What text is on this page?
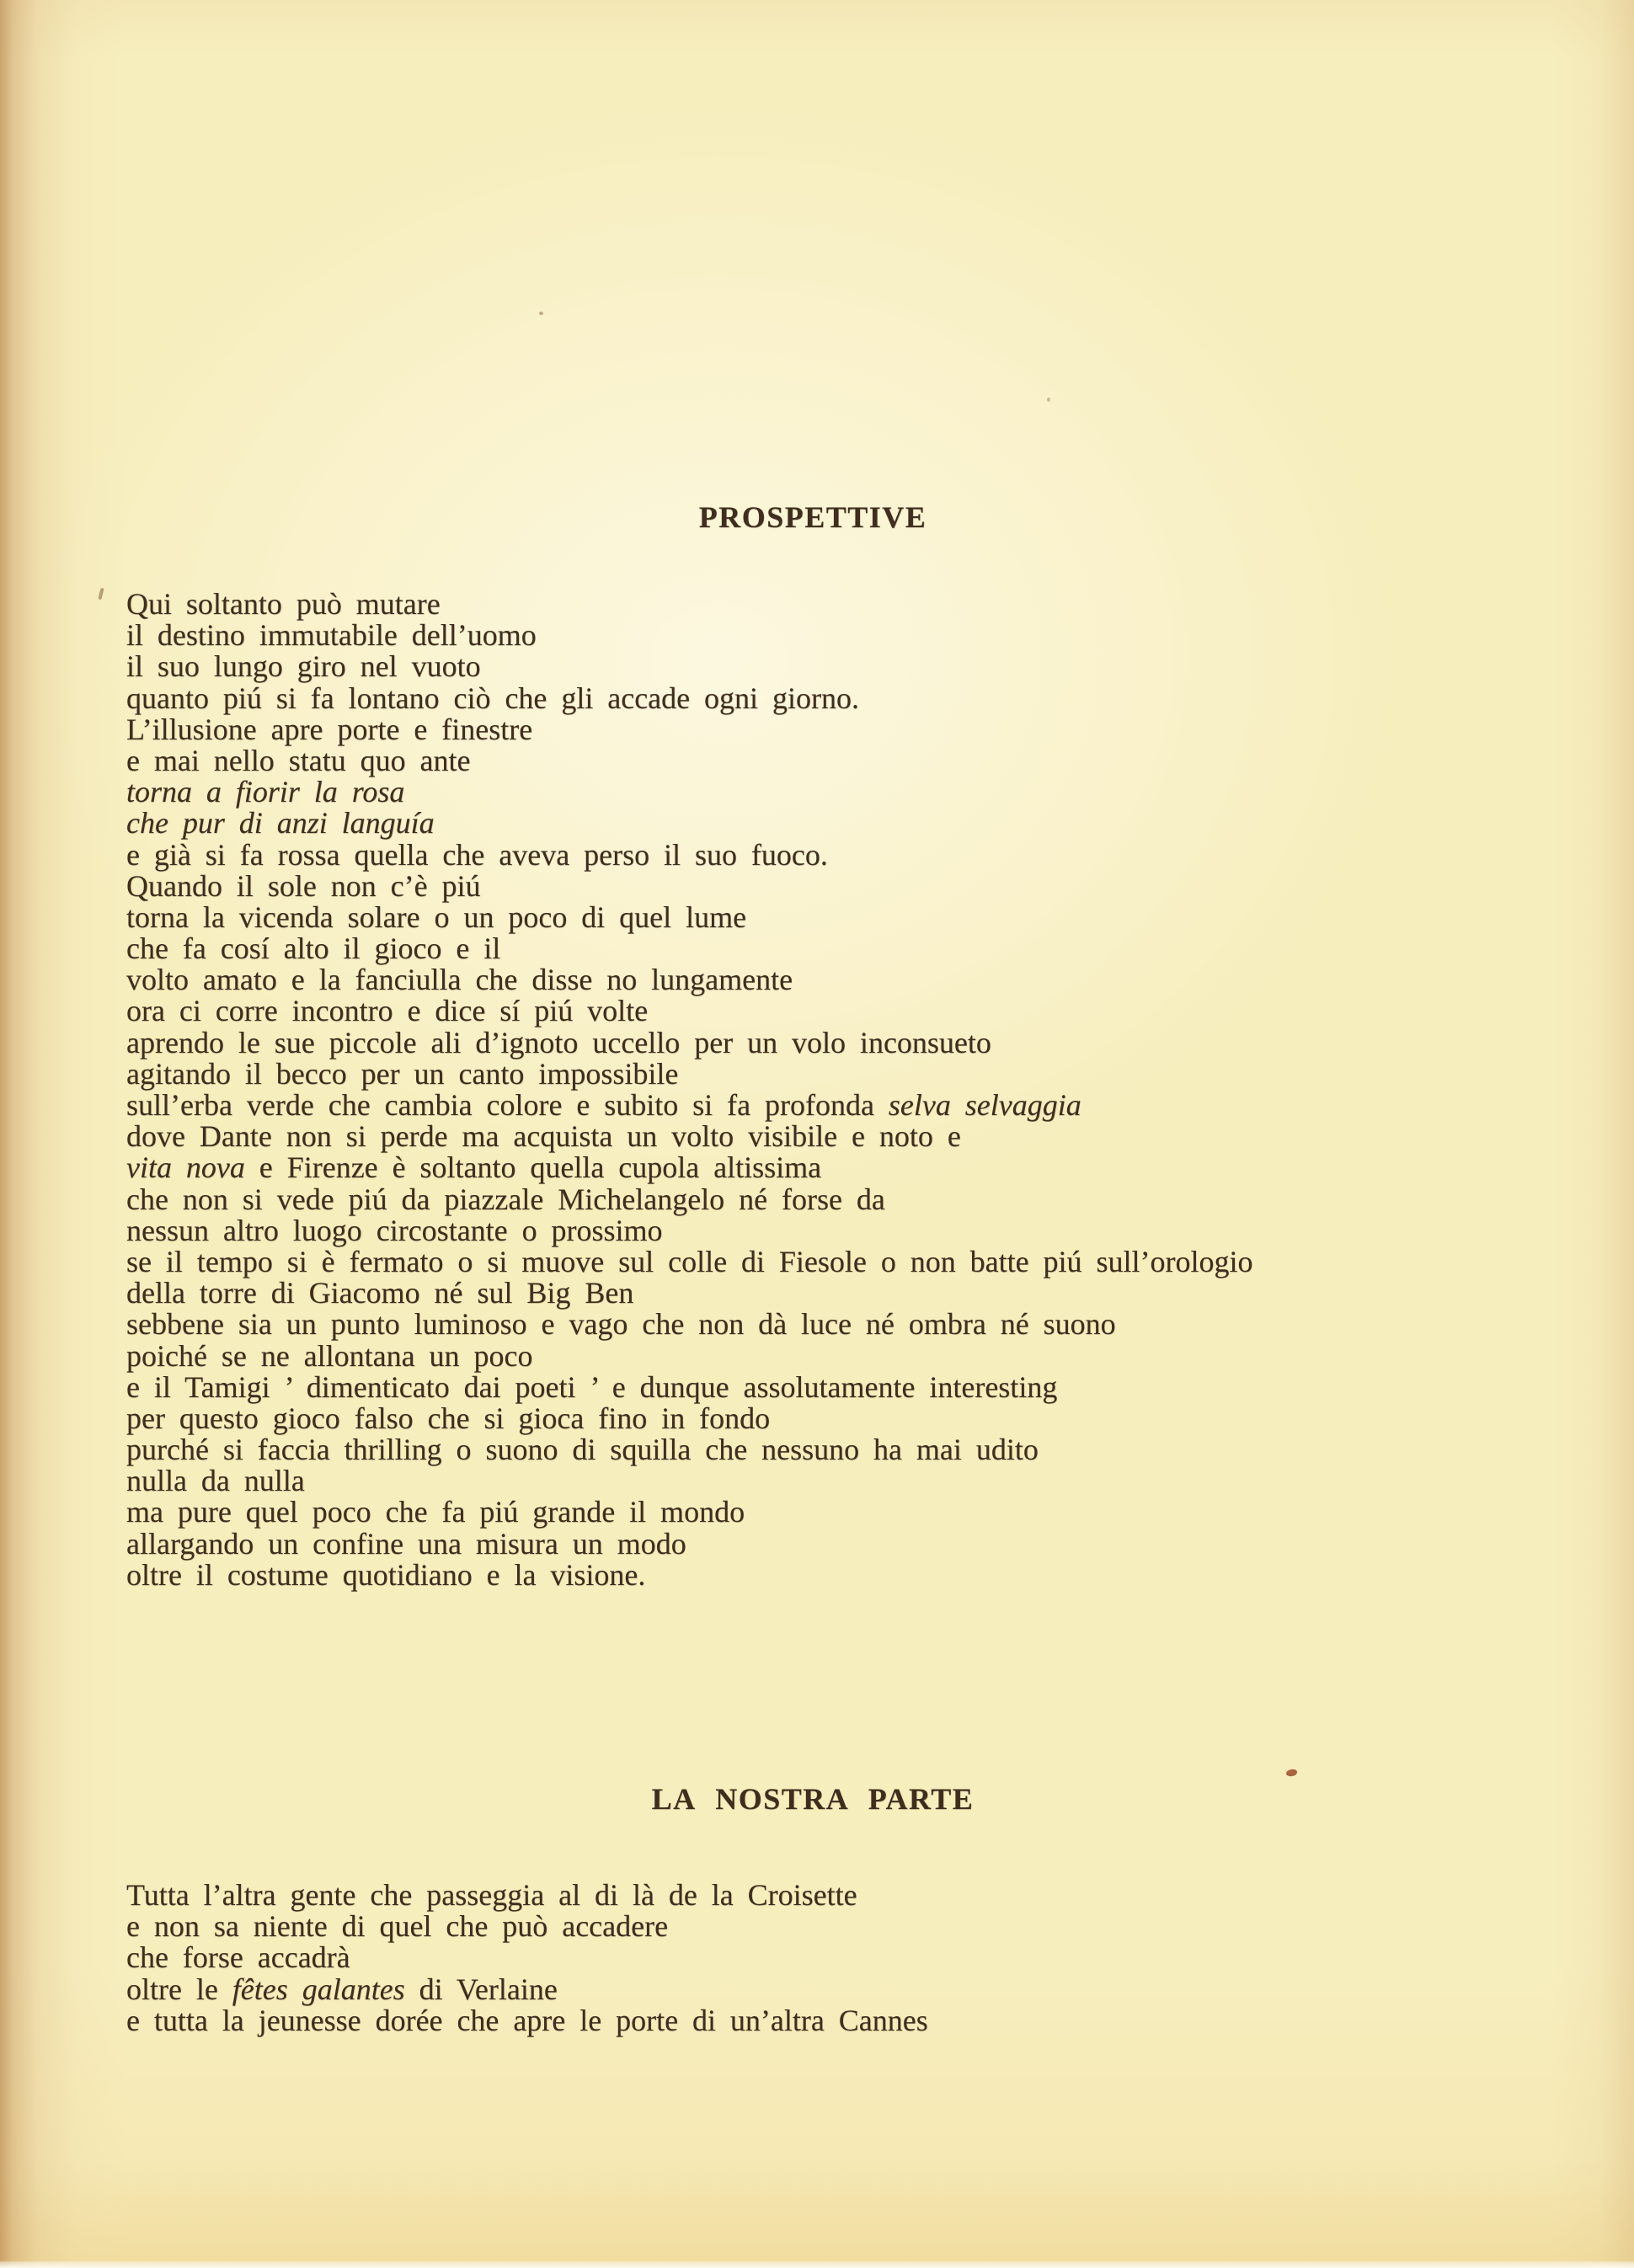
PROSPETTIVE
Qui soltanto può mutare
il destino immutabile dell’uomo
il suo lungo giro nel vuoto
quanto piú si fa lontano ciò che gli accade ogni giorno.
L’illusione apre porte e finestre
e mai nello statu quo ante
torna a fiorir la rosa
che pur di anzi languía
e già si fa rossa quella che aveva perso il suo fuoco.
Quando il sole non c’è piú
torna la vicenda solare o un poco di quel lume
che fa cosí alto il gioco e il
volto amato e la fanciulla che disse no lungamente
ora ci corre incontro e dice sí piú volte
aprendo le sue piccole ali d’ignoto uccello per un volo inconsueto
agitando il becco per un canto impossibile
sull’erba verde che cambia colore e subito si fa profonda selva selvaggia
dove Dante non si perde ma acquista un volto visibile e noto e
vita nova e Firenze è soltanto quella cupola altissima
che non si vede piú da piazzale Michelangelo né forse da
nessun altro luogo circostante o prossimo
se il tempo si è fermato o si muove sul colle di Fiesole o non batte piú sull’orologio
della torre di Giacomo né sul Big Ben
sebbene sia un punto luminoso e vago che non dà luce né ombra né suono
poiché se ne allontana un poco
e il Tamigi ’ dimenticato dai poeti ’ e dunque assolutamente interesting
per questo gioco falso che si gioca fino in fondo
purché si faccia thrilling o suono di squilla che nessuno ha mai udito
nulla da nulla
ma pure quel poco che fa piú grande il mondo
allargando un confine una misura un modo
oltre il costume quotidiano e la visione.
LA NOSTRA PARTE
Tutta l’altra gente che passeggia al di là de la Croisette
e non sa niente di quel che può accadere
che forse accadrà
oltre le fêtes galantes di Verlaine
e tutta la jeunesse dorée che apre le porte di un’altra Cannes
